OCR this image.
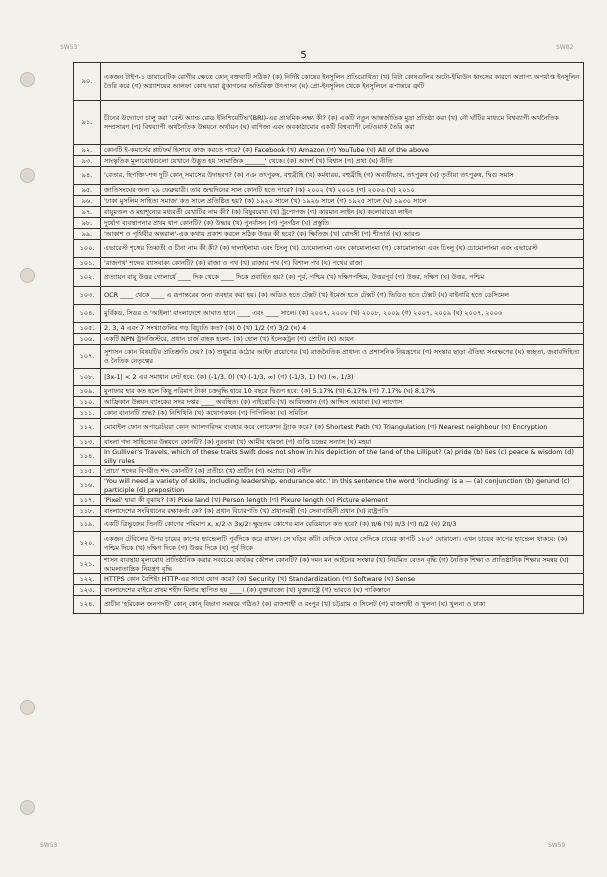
SW53'	SW82
5
৯০.	একজন টাইপ-১ ডায়াবেটিক রোগীর ক্ষেত্রে কোন্ বক্তব্যটি সঠিক? (ক) নির্দিষ্ট কোষের ইনসুলিন প্রতিরোধিতা (খ) বিটা কোষগুলির অটো-ইম্যিউন ধ্বংসের কারণে অপ্রাপ্য অপর্যাপ্ত ইনসুলিন তৈরি করে (গ) অগ্ন্যাশয়ের আলফা কোষ দ্বারা গ্লুকাগনের অতিরিক্ত উৎপাদন (ঘ) প্রো-ইনসুলিন থেকে ইনসুলিনে রূপান্তরে ত্রুটি
৯১.	চীনের উদ্যোগে চালু করা 'বেল্ট অ্যান্ড রোড ইনিশিয়েটিভ'(BRI)-এর প্রাথমিক লক্ষ্য কী? (ক) একটি নতুন আন্তর্জাতিক মুদ্রা প্রতিষ্ঠা করা (খ) নৌ ঘাঁটির মাধ্যমে বিশ্বব্যাপী অর্থনৈতিক সম্প্রসারণ (গ) বিশ্বব্যাপী অর্থনৈতিক উন্নয়নে অর্থায়ন (ঘ) বাণিজ্য এবং অবকাঠামোর একটি বিশ্বব্যাপী নেটওয়ার্ক তৈরি করা
৯২.	কোনটি ই-কমার্সের প্লাটফর্ম হিসাবে কাজ করতে পারে? (ক) Facebook (খ) Amazon (গ) YouTube (ঘ) All of the above
৯৩.	সাংস্কৃতিক মূল্যবোধগুলো যেখানে উদ্ভূত হয় 'সামাজিক ______' থেকে। (ক) আদর্শ (খ) বিশ্বাস (গ) প্রথা (ঘ) নীতি
৯৪.	'বেতার, হিপক্তি'-শব্দ দুটি কোন্ সমাসের উদাহরণ? (ক) নঞ তৎপুরুষ, বহুব্রীহি (খ) কর্মধারয়, বহুব্রীহি (গ) অব্যয়ীভাব, তৎপুরুষ (ঘ) তৃতীয়া তৎপুরুষ, দ্বিগু সমাস
৯৫.	জাতিসংঘের জন্য ২৯ ফেব্রুয়ারী। তার জন্মদিনের সাল কোনটি হতে পারে? (ক) ২০০২ (খ) ২০০৪ (গ) ২০০৬ (ঘ) ২০১০
৯৬.	'ঢাকা মুসলিম সাহিত্য সমাজ' কত সালে প্রতিষ্ঠিত হয়? (ক) ১৯২০ সালে (খ) ১৯২৬ সালে (গ) ১৯২৫ সালে (ঘ) ১৯৩০ সালে
৯৭.	বায়ুমণ্ডল ও মহাশূন্যের মধ্যবর্তী রেখাটির নাম কী? (ক) বিষুবরেখা (খ) ট্রপোপজ (গ) কারমান লাইন (ঘ) কলোরাডো লাইন
৯৮.	দুর্যোগ ব্যবস্থাপনার প্রথম ধাপ কোনটি? (ক) উদ্ধার (খ) পুনর্বাসন (গ) পুনর্গঠন (ঘ) প্রস্তুতি
৯৯.	'আকাশ ও পৃথিবীর অন্তরাল'-এক কথায় প্রকাশ করলে সঠিক উত্তর কী হবে? (ক) ক্ষিতিজ (খ) রোদসী (গ) শীতার্ত (ঘ) আরণ্ড
১০০.	এভারেস্ট শৃঙ্গের তিব্বতী ও চীনা নাম কী কী? (ক) দালাইলামা এবং চিংলু (খ) চোমোলাংমা এবং কোমোলাংমা (গ) কোমোলাংমা এবং চিংলু (ঘ) চোমোলাংমা এবং এভারেস্ট
১০১.	'রাজপথ' শব্দের ব্যাসবাক্য কোনটি? (ক) রাজা ও পথ (খ) রাজার পথ (গ) বিশাল পথ (ঘ) পথের রাজা
১০২.	প্রত্যায়ন বায়ু উত্তর গোলার্ধে ____ দিক থেকে ____ দিকে প্রবাহিত হয়? (ক) পূর্ব, পশ্চিম (খ) দক্ষিণপশ্চিম, উত্তরপূর্ব (গ) উত্তর, দক্ষিণ (ঘ) উত্তর, পশ্চিম
১০৩.	OCR ____ থেকে ____ এ রূপান্তরের জন্য ব্যবহার করা হয়। (ক) অডিও হতে টেক্সট (খ) ইমেজ হতে টেক্সট (গ) ভিডিও হতে টেক্সট (ঘ) বাইনারি হতে ডেসিমেল
১০৪.	মুর্বিকড, সিডর ও 'আইলা' বাংলাদেশে আঘাত হানে ____ এবং ____ সালে। (ক) ২০০৭, ২০০৮ (খ) ২০০৮, ২০০৯ (গ) ২০০৭, ২০০৯ (ঘ) ২০০৭, ২০০৬
১০৫.	2, 3, 4 এবং 7 সংখ্যাগুলির গড় বিচ্যুতি কত? (ক) 0 (খ) 1/2 (গ) 3/2 (ঘ) 4
১০৬.	একটি NPN ট্রানজিস্টরে, প্রধান চার্জ বাহক হলো- (ক) হোল (খ) ইলেকট্রন (গ) প্রোটন (ঘ) আয়ন
১০৭.	সুশাসন কোন বিষয়টির প্রতিশ্রুতি দেয়? (ক) শুধুমাত্র কঠোর আইন প্রয়োগের (খ) রাজনৈতিক প্রাধান্য ও প্রশাসনিক নিয়ন্ত্রণের (গ) সংস্কার ছাড়া ঐতিহ্য সংরক্ষণের (ঘ) স্বচ্ছতা, জবাবদিহিতা ও নৈতিক নেতৃত্বের
১০৮.	|3x-1| < 2 এর সমাধান সেট হবে: (ক) (-1/3, 0) (খ) (-1/3, ∞) (গ) (-1/3, 1) (ঘ) (∞, 1/3)
১০৯.	মুনাফার হার কত হলে কিছু পরিমাণ টাকা চক্রবৃদ্ধি হারে 10 বছরে দ্বিগুণ হবে: (ক) 5.17% (খ) 6.17% (গ) 7.17% (ঘ) 8.17%
১১০.	আফ্রিকান উন্নয়ন ব্যাংকের সদর দপ্তর ____ অবস্থিত। (ক) নাইরোবি (খ) আবিদজান (গ) আদ্দিস আবাবা (ঘ) লাগোস
১১১.	কোন বানানটি শুদ্ধ? (ক) নিশিথিনি (খ) কথোপকথন (গ) পিপিলিকা (ঘ) সমিচিন
১১২.	মোবাইল ফোন অপারেটররা কোন অ্যালগরিদম ব্যবহার করে লোকেশন ট্র্যাক করে? (ক) Shortest Path (খ) Triangulation (গ) Nearest neighbour (ঘ) Encryption
১১৩.	বাংলা গদ্য সাহিত্যের উন্নয়নে কোনটি? (ক) নুরনামা (খ) আমীর হামজা (গ) গুপ্তি চন্দ্রের সন্যাস (ঘ) মহয়া
১১৪.	In Gulliver's Travels, which of these traits Swift does not show in his depiction of the land of the Lilliput? (a) pride (b) lies (c) peace & wisdom (d) silly rules
১১৫.	'প্রাচ্য' শব্দের বিপরীত শব্দ কোনটি? (ক) প্রতীচ্য (খ) প্রাচীন (গ) অপ্রাচ্য (ঘ) নবীন
১১৬.	'You will need a variety of skills, including leadership, endurance etc.' In this sentence the word 'including' is a — (a) conjunction (b) gerund (c) participle (d) preposition
১১৭.	'Pixel' দ্বারা কী বুঝায়? (ক) Pixie land (খ) Person length (গ) Pixure length (ঘ) Picture element
১১৮.	বাংলাদেশের সংবিধানের রক্ষাকর্তা কে? (ক) প্রধান বিচারপতি (খ) প্রধানমন্ত্রী (গ) সেনাবাহিনী প্রধান (ঘ) রাষ্ট্রপতি
১১৯.	একটি ত্রিভুজের তিনটি কোণের পরিমাণ x, x/2 ও 3x/2। ক্ষুদ্রতম কোণের মান রেডিয়ানে কত হবে? (ক) π/6 (খ) π/3 (গ) π/2 (ঘ) 2π/3
১২০.	একজন টেবিলের উপর চায়ের কাপের হ্যান্ডেলটি পূর্বদিকে করে রাখল। সে ঘড়ির কাঁটা যেদিকে ঘোরে সেদিকে চায়ের কাপটি ১৮০° ঘোরালো। এখন চায়ের কাপের হ্যান্ডেল থাকবে: (ক) পশ্চিম দিকে (খ) দক্ষিণ দিকে (গ) উত্তর দিকে (ঘ) পূর্ব দিকে
১২১.	শাসন ব্যবস্থায় মূল্যবোধ প্রাতিষ্ঠানিক করার সবচেয়ে কার্যকর কৌশল কোনটি? (ক) দমন মন আইনের সংস্কার (খ) নিয়মিত বেতন বৃদ্ধি (গ) নৈতিক শিক্ষা ও প্রাতিষ্ঠানিক শিক্ষার সমন্বয় (ঘ) আমলাতান্ত্রিক নিয়ন্ত্রণ বৃদ্ধি
১২২.	HTTPS কোন বৈশিষ্ট্য HTTP-এর সাথে যোগ করে? (ক) Security (খ) Standardization (গ) Software (ঘ) Sense
১২৩.	বাংলাদেশের বাইরে প্রথম শহীদ মিনার স্থাপিত হয় ____। (ক) যুক্তরাজ্যে (খ) যুক্তরাষ্ট্রে (গ) ভারতে (ঘ) পাকিস্তানে
১২৪.	প্রাচীন 'হরিকেল জনপদটি' কোন্ কোন্ বিভাগ সমন্বয়ে গঠিত? (ক) রাজশাহী ও রংপুর (খ) চট্টগ্রাম ও সিলেট (গ) রাজশাহী ও খুলনা (ঘ) খুলনা ও ঢাকা
SW53	SW59
